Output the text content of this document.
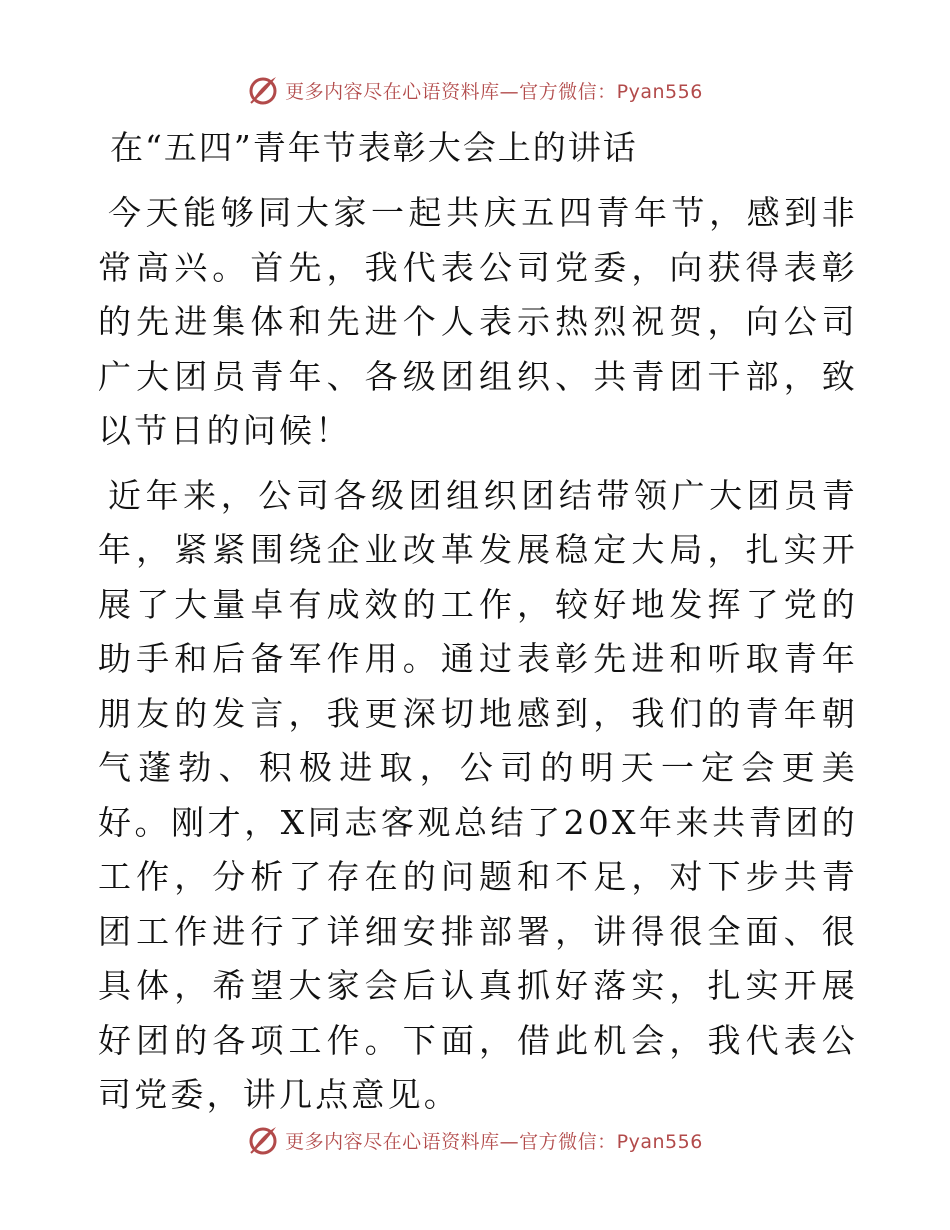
更多内容尽在心语资料库—官方微信：Pyan556
在“五四”青年节表彰大会上的讲话

今天能够同大家一起共庆五四青年节，感到非常高兴。首先，我代表公司党委，向获得表彰的先进集体和先进个人表示热烈祝贺，向公司广大团员青年、各级团组织、共青团干部，致以节日的问候！

近年来，公司各级团组织团结带领广大团员青年，紧紧围绕企业改革发展稳定大局，扎实开展了大量卓有成效的工作，较好地发挥了党的助手和后备军作用。通过表彰先进和听取青年朋友的发言，我更深切地感到，我们的青年朝气蓬勃、积极进取，公司的明天一定会更美好。刚才，X同志客观总结了20X年来共青团的工作，分析了存在的问题和不足，对下步共青团工作进行了详细安排部署，讲得很全面、很具体，希望大家会后认真抓好落实，扎实开展好团的各项工作。下面，借此机会，我代表公司党委，讲几点意见。

更多内容尽在心语资料库—官方微信：Pyan556
